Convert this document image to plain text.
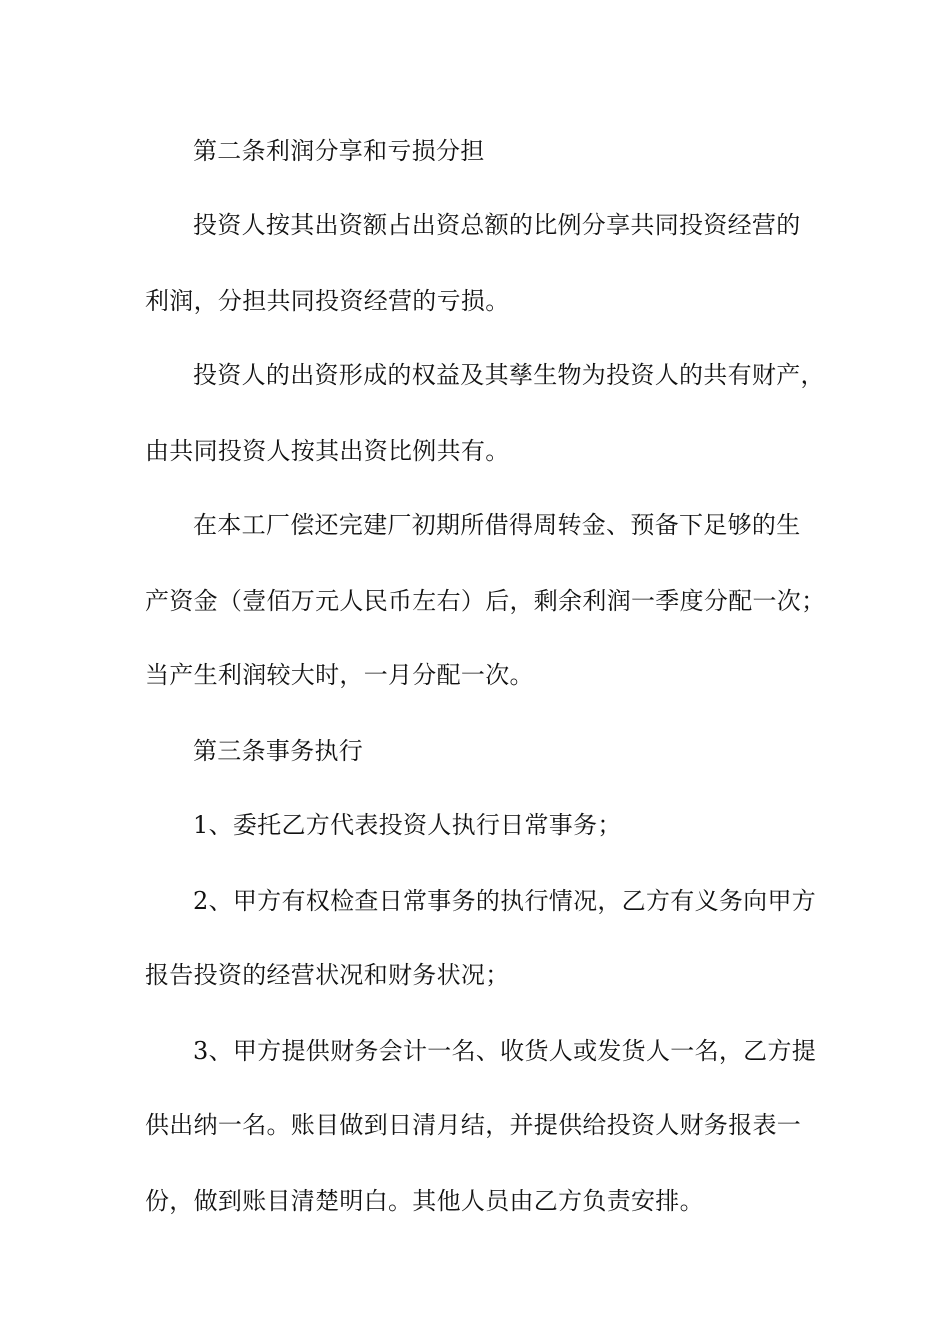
第二条利润分享和亏损分担

投资人按其出资额占出资总额的比例分享共同投资经营的

利润，分担共同投资经营的亏损。

投资人的出资形成的权益及其孳生物为投资人的共有财产，

由共同投资人按其出资比例共有。

在本工厂偿还完建厂初期所借得周转金、预备下足够的生

产资金（壹佰万元人民币左右）后，剩余利润一季度分配一次；

当产生利润较大时，一月分配一次。

第三条事务执行

1、委托乙方代表投资人执行日常事务；

2、甲方有权检查日常事务的执行情况，乙方有义务向甲方

报告投资的经营状况和财务状况；

3、甲方提供财务会计一名、收货人或发货人一名，乙方提

供出纳一名。账目做到日清月结，并提供给投资人财务报表一

份，做到账目清楚明白。其他人员由乙方负责安排。
